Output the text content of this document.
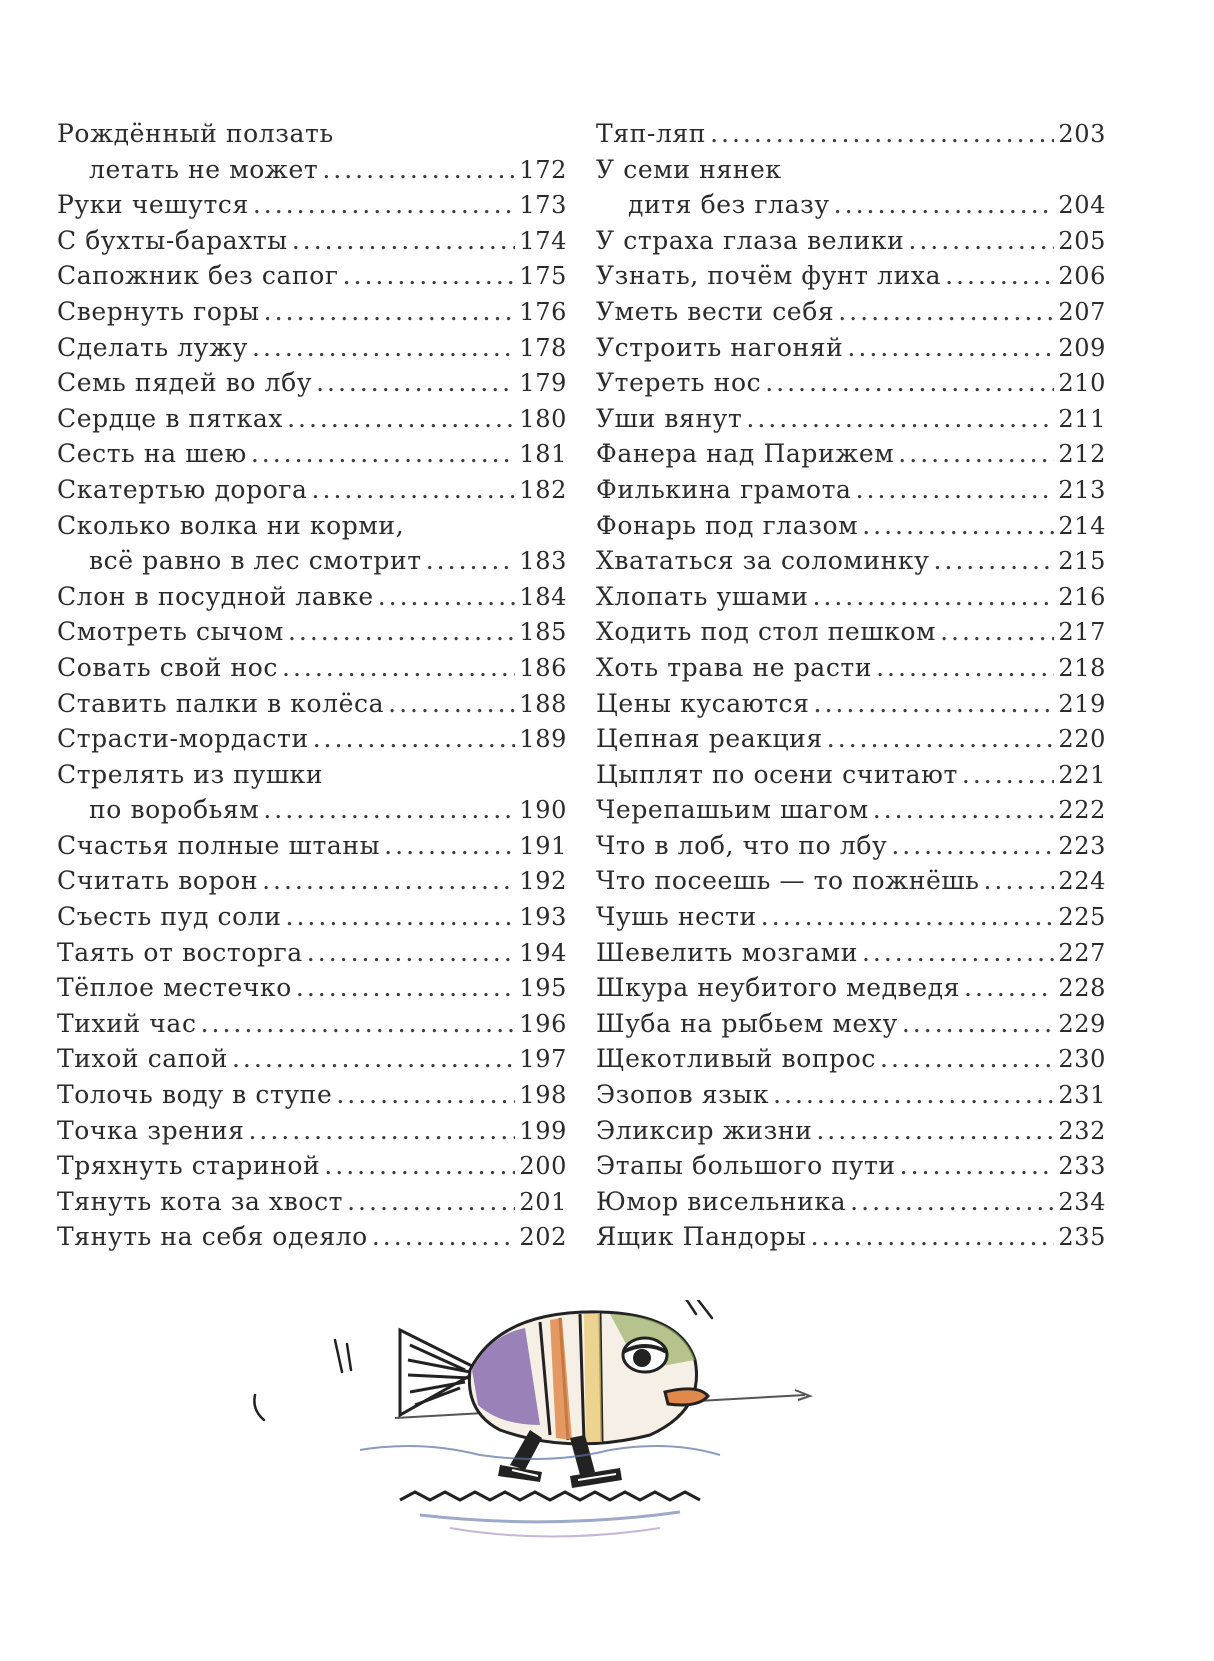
Рождённый ползать
летать не может .....	172
Руки чешутся .....	173
С бухты-барахты .....	174
Сапожник без сапог .....	175
Свернуть горы .....	176
Сделать лужу .....	178
Семь пядей во лбу .....	179
Сердце в пятках .....	180
Сесть на шею .....	181
Скатертью дорога .....	182
Сколько волка ни корми,
всё равно в лес смотрит .....	183
Слон в посудной лавке .....	184
Смотреть сычом .....	185
Совать свой нос .....	186
Ставить палки в колёса .....	188
Страсти-мордасти .....	189
Стрелять из пушки
по воробьям .....	190
Счастья полные штаны .....	191
Считать ворон .....	192
Съесть пуд соли .....	193
Таять от восторга .....	194
Тёплое местечко .....	195
Тихий час .....	196
Тихой сапой .....	197
Толочь воду в ступе .....	198
Точка зрения .....	199
Тряхнуть стариной .....	200
Тянуть кота за хвост .....	201
Тянуть на себя одеяло .....	202
Тяп-ляп .....	203
У семи нянек
дитя без глазу .....	204
У страха глаза велики .....	205
Узнать, почём фунт лиха .....	206
Уметь вести себя .....	207
Устроить нагоняй .....	209
Утереть нос .....	210
Уши вянут .....	211
Фанера над Парижем .....	212
Филькина грамота .....	213
Фонарь под глазом .....	214
Хвататься за соломинку .....	215
Хлопать ушами .....	216
Ходить под стол пешком .....	217
Хоть трава не расти .....	218
Цены кусаются .....	219
Цепная реакция .....	220
Цыплят по осени считают .....	221
Черепашьим шагом .....	222
Что в лоб, что по лбу .....	223
Что посеешь — то пожнёшь .....	224
Чушь нести .....	225
Шевелить мозгами .....	227
Шкура неубитого медведя .....	228
Шуба на рыбьем меху .....	229
Щекотливый вопрос .....	230
Эзопов язык .....	231
Эликсир жизни .....	232
Этапы большого пути .....	233
Юмор висельника .....	234
Ящик Пандоры .....	235
